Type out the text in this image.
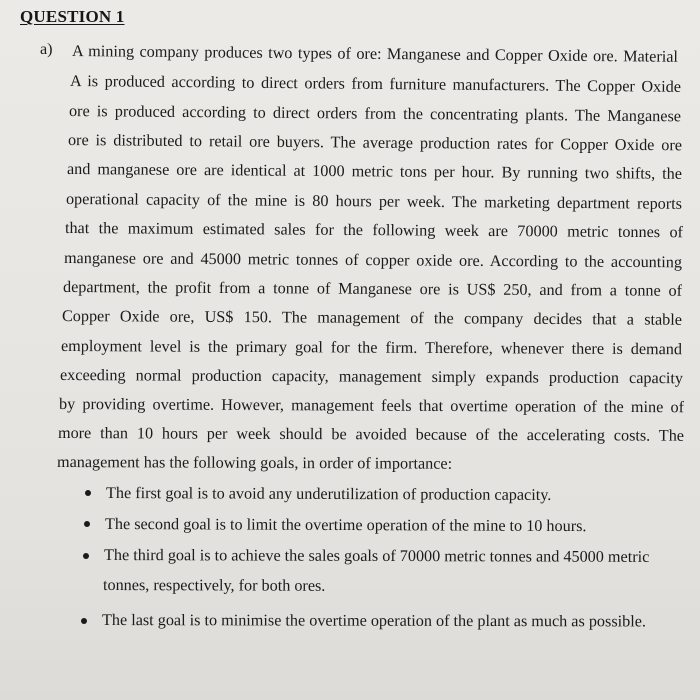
QUESTION 1
a) A mining company produces two types of ore: Manganese and Copper Oxide ore. Material
A is produced according to direct orders from furniture manufacturers. The Copper Oxide
ore is produced according to direct orders from the concentrating plants. The Manganese
ore is distributed to retail ore buyers. The average production rates for Copper Oxide ore
and manganese ore are identical at 1000 metric tons per hour. By running two shifts, the
operational capacity of the mine is 80 hours per week. The marketing department reports
that the maximum estimated sales for the following week are 70000 metric tonnes of
manganese ore and 45000 metric tonnes of copper oxide ore. According to the accounting
department, the profit from a tonne of Manganese ore is US$ 250, and from a tonne of
Copper Oxide ore, US$ 150. The management of the company decides that a stable
employment level is the primary goal for the firm. Therefore, whenever there is demand
exceeding normal production capacity, management simply expands production capacity
by providing overtime. However, management feels that overtime operation of the mine of
more than 10 hours per week should be avoided because of the accelerating costs. The
management has the following goals, in order of importance:
The first goal is to avoid any underutilization of production capacity.
The second goal is to limit the overtime operation of the mine to 10 hours.
The third goal is to achieve the sales goals of 70000 metric tonnes and 45000 metric
tonnes, respectively, for both ores.
The last goal is to minimise the overtime operation of the plant as much as possible.
